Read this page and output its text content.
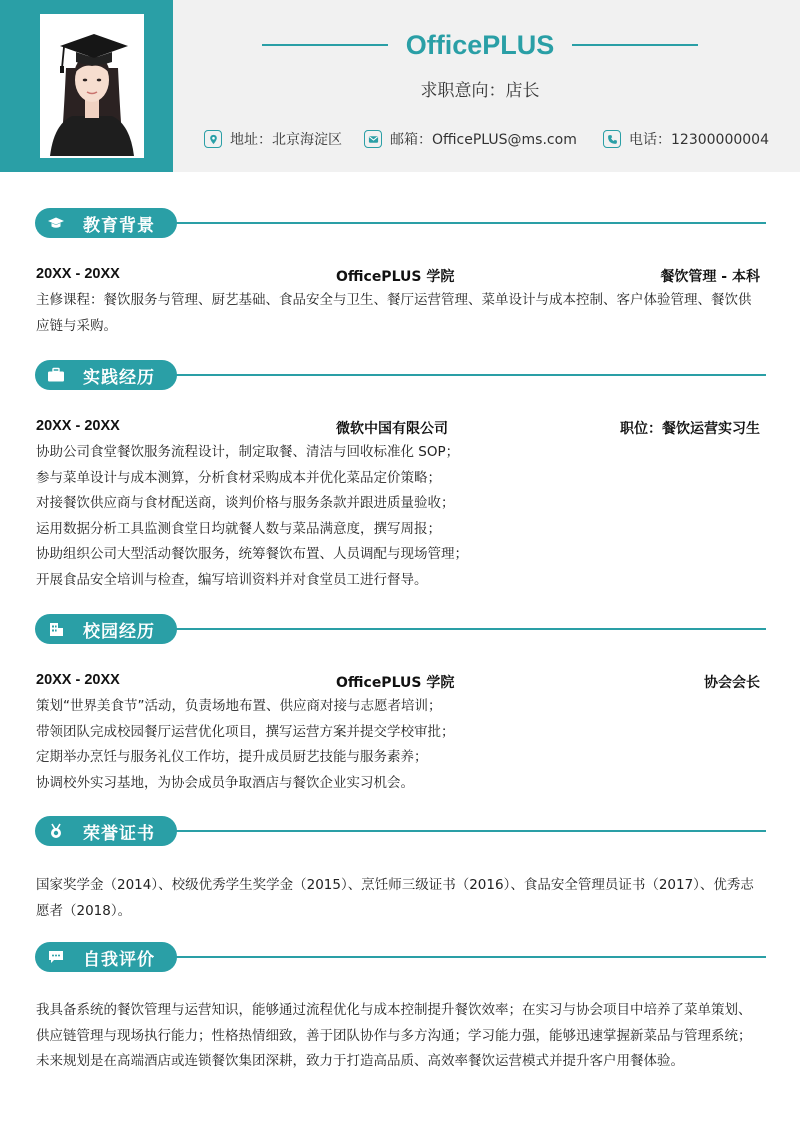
OfficePLUS
求职意向：店长
地址：北京海淀区	邮箱：OfficePLUS@ms.com	电话：12300000004
教育背景
20XX - 20XX	OfficePLUS 学院	餐饮管理 - 本科
主修课程：餐饮服务与管理、厨艺基础、食品安全与卫生、餐厅运营管理、菜单设计与成本控制、客户体验管理、餐饮供应链与采购。
实践经历
20XX - 20XX	微软中国有限公司	职位：餐饮运营实习生
协助公司食堂餐饮服务流程设计，制定取餐、清洁与回收标准化 SOP；
参与菜单设计与成本测算，分析食材采购成本并优化菜品定价策略；
对接餐饮供应商与食材配送商，谈判价格与服务条款并跟进质量验收；
运用数据分析工具监测食堂日均就餐人数与菜品满意度，撰写周报；
协助组织公司大型活动餐饮服务，统筹餐饮布置、人员调配与现场管理；
开展食品安全培训与检查，编写培训资料并对食堂员工进行督导。
校园经历
20XX - 20XX	OfficePLUS 学院	协会会长
策划“世界美食节”活动，负责场地布置、供应商对接与志愿者培训；
带领团队完成校园餐厅运营优化项目，撰写运营方案并提交学校审批；
定期举办烹饪与服务礼仪工作坊，提升成员厨艺技能与服务素养；
协调校外实习基地，为协会成员争取酒店与餐饮企业实习机会。
荣誉证书
国家奖学金（2014）、校级优秀学生奖学金（2015）、烹饪师三级证书（2016）、食品安全管理员证书（2017）、优秀志愿者（2018）。
自我评价
我具备系统的餐饮管理与运营知识，能够通过流程优化与成本控制提升餐饮效率；在实习与协会项目中培养了菜单策划、供应链管理与现场执行能力；性格热情细致，善于团队协作与多方沟通；学习能力强，能够迅速掌握新菜品与管理系统；未来规划是在高端酒店或连锁餐饮集团深耕，致力于打造高品质、高效率餐饮运营模式并提升客户用餐体验。
